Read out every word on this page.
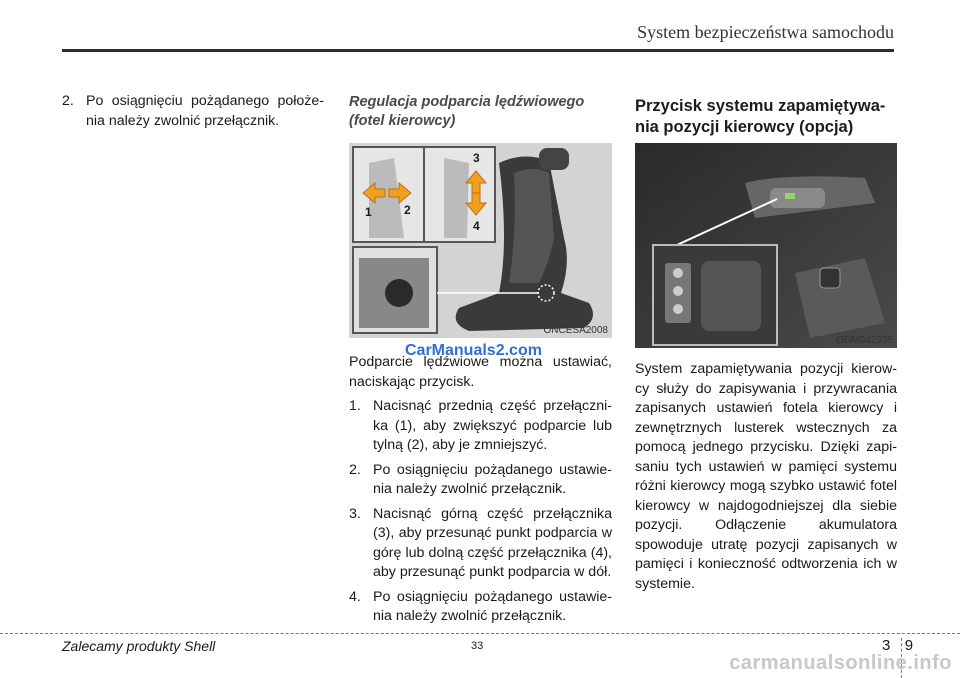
System bezpieczeństwa samochodu
2. Po osiągnięciu pożądanego położe-nia należy zwolnić przełącznik.
Regulacja podparcia lędźwiowego
(fotel kierowcy)
1	2
3
4
ONCESA2008
CarManuals2.com
Podparcie lędźwiowe można ustawiać, naciskając przycisk.
1. Nacisnąć przednią część przełączni-ka (1), aby zwiększyć podparcie lub tylną (2), aby je zmniejszyć.
2. Po osiągnięciu pożądanego ustawie-nia należy zwolnić przełącznik.
3. Nacisnąć górną część przełącznika (3), aby przesunąć punkt podparcia w górę lub dolną część przełącznika (4), aby przesunąć punkt podparcia w dół.
4. Po osiągnięciu pożądanego ustawie-nia należy zwolnić przełącznik.
Przycisk systemu zapamiętywa-
nia pozycji kierowcy (opcja)
ODM042335
System zapamiętywania pozycji kierow-cy służy do zapisywania i przywracania zapisanych ustawień fotela kierowcy i zewnętrznych lusterek wstecznych za pomocą jednego przycisku. Dzięki zapi-saniu tych ustawień w pamięci systemu różni kierowcy mogą szybko ustawić fotel kierowcy w najdogodniejszej dla siebie pozycji. Odłączenie akumulatora spowoduje utratę pozycji zapisanych w pamięci i konieczność odtworzenia ich w systemie.
Zalecamy produkty Shell	33	3 9
carmanualsonline.info
